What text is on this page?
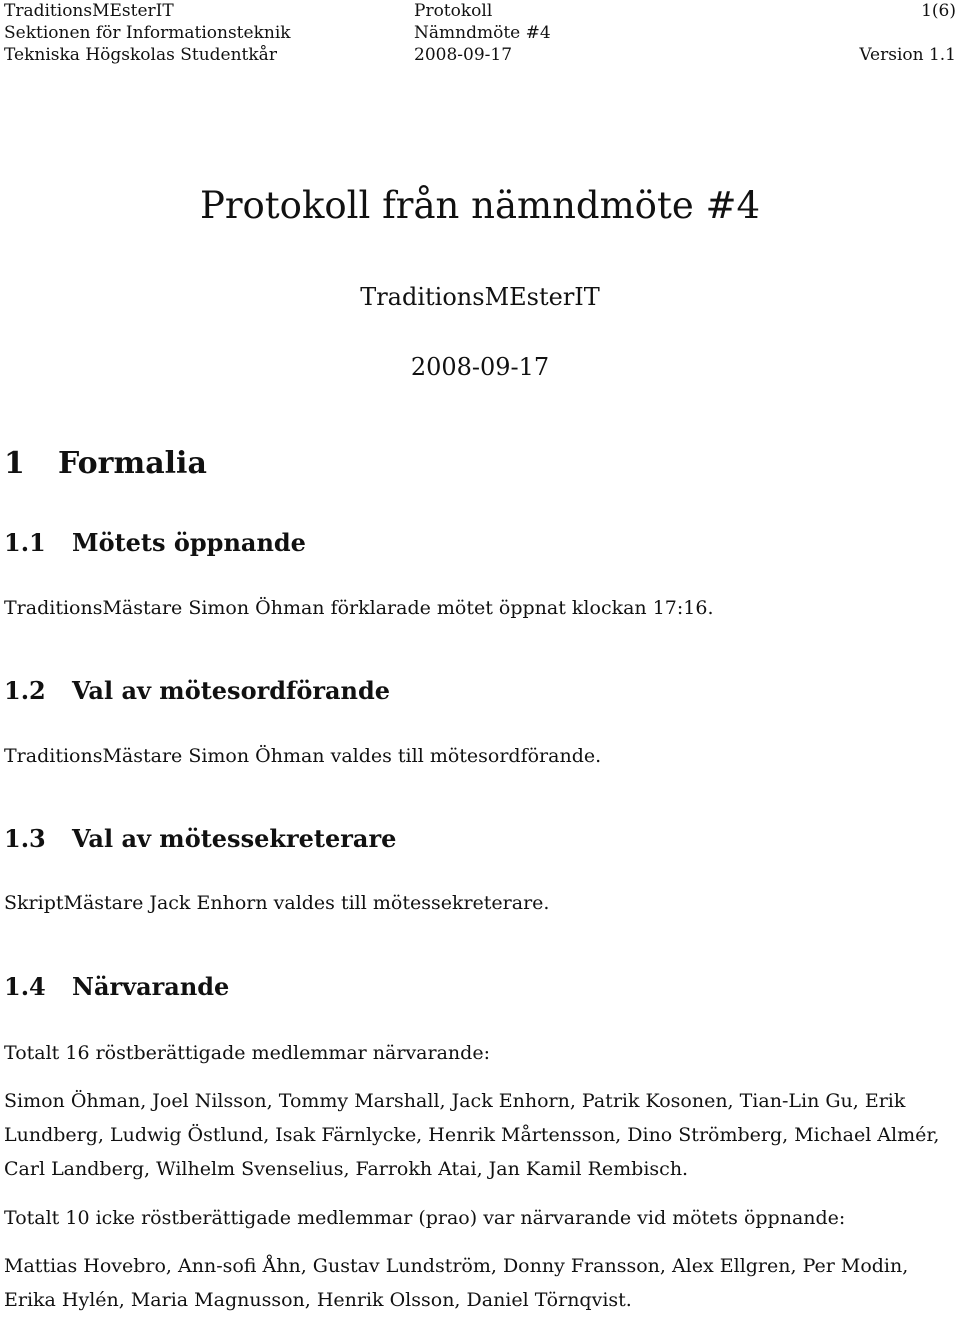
TraditionsMEsterIT
Sektionen för Informationsteknik
Tekniska Högskolas Studentkår
Protokoll
Nämndmöte #4
2008-09-17
1(6)

Version 1.1
Protokoll från nämndmöte #4
TraditionsMEsterIT
2008-09-17
1 Formalia
1.1 Mötets öppnande
TraditionsMästare Simon Öhman förklarade mötet öppnat klockan 17:16.
1.2 Val av mötesordförande
TraditionsMästare Simon Öhman valdes till mötesordförande.
1.3 Val av mötessekreterare
SkriptMästare Jack Enhorn valdes till mötessekreterare.
1.4 Närvarande
Totalt 16 röstberättigade medlemmar närvarande:
Simon Öhman, Joel Nilsson, Tommy Marshall, Jack Enhorn, Patrik Kosonen, Tian-Lin Gu, Erik
Lundberg, Ludwig Östlund, Isak Färnlycke, Henrik Mårtensson, Dino Strömberg, Michael Almér,
Carl Landberg, Wilhelm Svenselius, Farrokh Atai, Jan Kamil Rembisch.
Totalt 10 icke röstberättigade medlemmar (prao) var närvarande vid mötets öppnande:
Mattias Hovebro, Ann-sofi Åhn, Gustav Lundström, Donny Fransson, Alex Ellgren, Per Modin,
Erika Hylén, Maria Magnusson, Henrik Olsson, Daniel Törnqvist.
